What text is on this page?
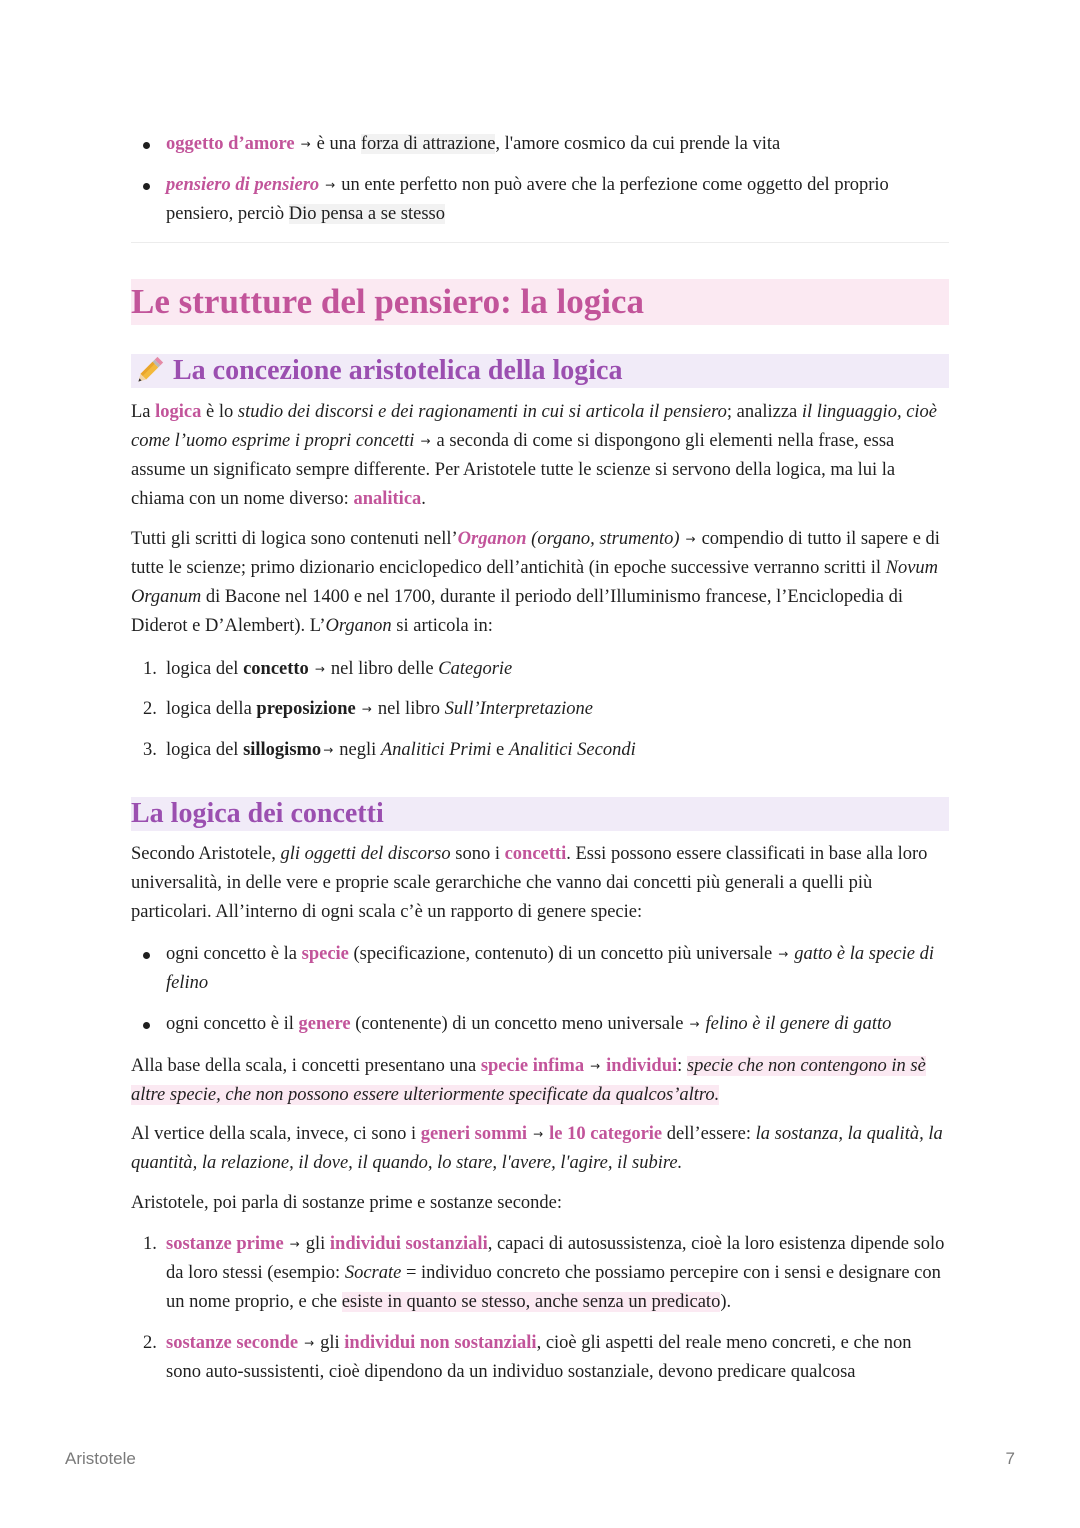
oggetto d’amore → è una forza di attrazione, l'amore cosmico da cui prende la vita
pensiero di pensiero → un ente perfetto non può avere che la perfezione come oggetto del proprio pensiero, perciò Dio pensa a se stesso
Le strutture del pensiero: la logica
La concezione aristotelica della logica

La logica è lo studio dei discorsi e dei ragionamenti in cui si articola il pensiero; analizza il linguaggio, cioè come l’uomo esprime i propri concetti → a seconda di come si dispongono gli elementi nella frase, essa assume un significato sempre differente. Per Aristotele tutte le scienze si servono della logica, ma lui la chiama con un nome diverso: analitica.

Tutti gli scritti di logica sono contenuti nell’Organon (organo, strumento) → compendio di tutto il sapere e di tutte le scienze; primo dizionario enciclopedico dell’antichità (in epoche successive verranno scritti il Novum Organum di Bacone nel 1400 e nel 1700, durante il periodo dell’Illuminismo francese, l’Enciclopedia di Diderot e D’Alembert). L’Organon si articola in:

1. logica del concetto → nel libro delle Categorie
2. logica della preposizione → nel libro Sull’Interpretazione
3. logica del sillogismo → negli Analitici Primi e Analitici Secondi
La logica dei concetti

Secondo Aristotele, gli oggetti del discorso sono i concetti. Essi possono essere classificati in base alla loro universalità, in delle vere e proprie scale gerarchiche che vanno dai concetti più generali a quelli più particolari. All’interno di ogni scala c’è un rapporto di genere specie:

ogni concetto è la specie (specificazione, contenuto) di un concetto più universale → gatto è la specie di felino
ogni concetto è il genere (contenente) di un concetto meno universale → felino è il genere di gatto

Alla base della scala, i concetti presentano una specie infima → individui: specie che non contengono in sè altre specie, che non possono essere ulteriormente specificate da qualcos’altro.

Al vertice della scala, invece, ci sono i generi sommi → le 10 categorie dell’essere: la sostanza, la qualità, la quantità, la relazione, il dove, il quando, lo stare, l'avere, l'agire, il subire.

Aristotele, poi parla di sostanze prime e sostanze seconde:

1. sostanze prime → gli individui sostanziali, capaci di autosussistenza, cioè la loro esistenza dipende solo da loro stessi (esempio: Socrate = individuo concreto che possiamo percepire con i sensi e designare con un nome proprio, e che esiste in quanto se stesso, anche senza un predicato).
2. sostanze seconde → gli individui non sostanziali, cioè gli aspetti del reale meno concreti, e che non sono auto-sussistenti, cioè dipendono da un individuo sostanziale, devono predicare qualcosa
Aristotele	7
